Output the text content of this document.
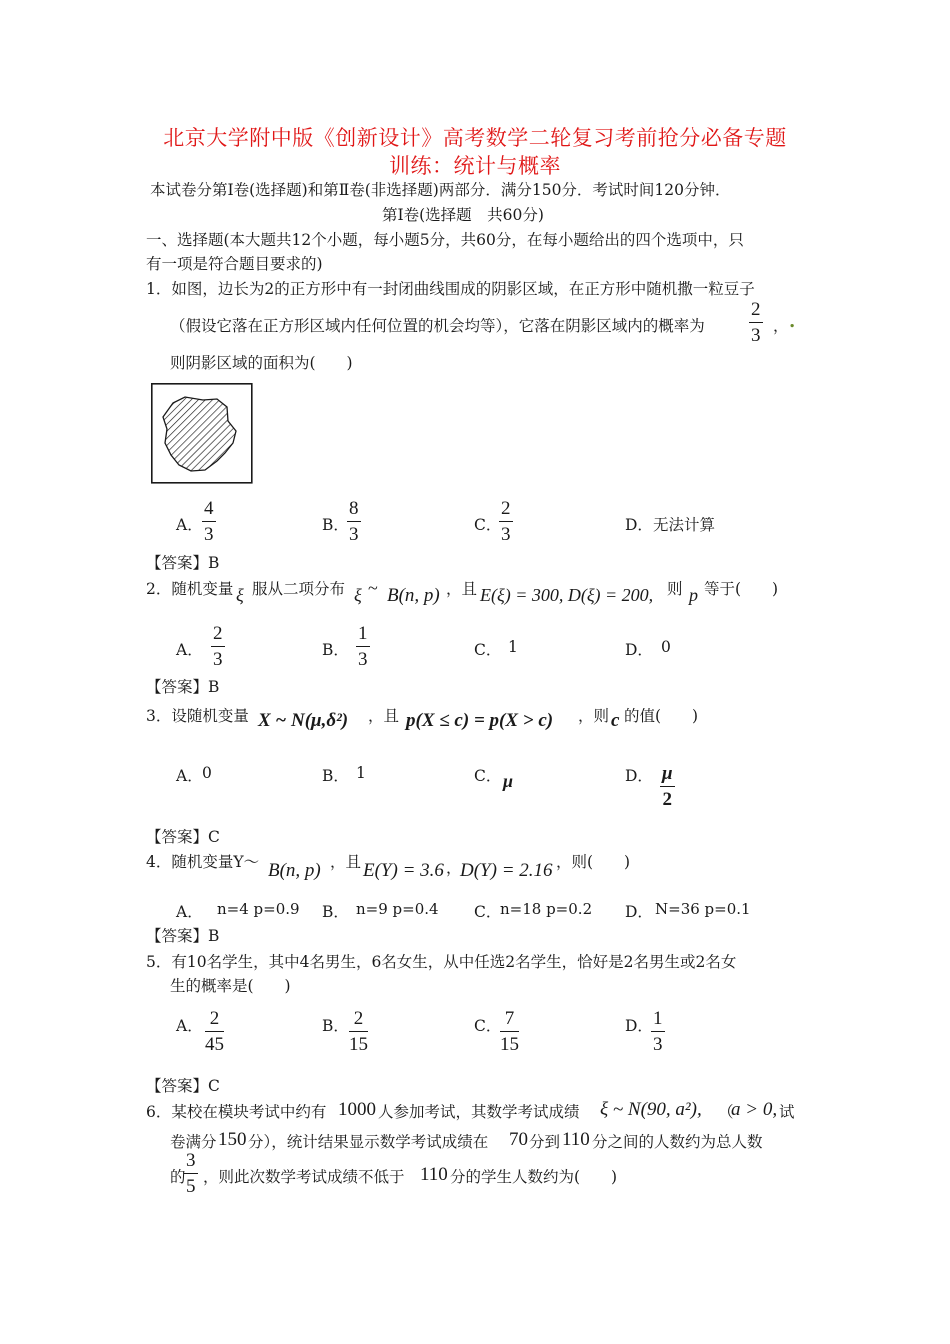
北京大学附中版《创新设计》高考数学二轮复习考前抢分必备专题
训练：统计与概率
本试卷分第Ⅰ卷(选择题)和第Ⅱ卷(非选择题)两部分．满分150分．考试时间120分钟．
第Ⅰ卷(选择题　共60分)
一、选择题(本大题共12个小题，每小题5分，共60分，在每小题给出的四个选项中，只
有一项是符合题目要求的)
1．如图，边长为2的正方形中有一封闭曲线围成的阴影区域，在正方形中随机撒一粒豆子
（假设它落在正方形区域内任何位置的机会均等），它落在阴影区域内的概率为 $\frac{2}{3}$ ， .
则阴影区域的面积为(　　)
A． $\frac{4}{3}$	B．
$\frac{8}{3}$	C．
$\frac{2}{3}$	D． 无法计算
【答案】B
2．随机变量 ξ 服从二项分布 ξ ~ B(n, p) ，且 E(ξ) = 300, D(ξ) = 200, 则 p 等于(　　)
A． $\frac{2}{3}$	B． $\frac{1}{3}$	C． 1	D． 0
【答案】B
3．设随机变量 X ~ N(μ,δ²) ，且 p(X ≤ c) = p(X > c) ，则 c 的值(　　)
A． 0	B． 1	C． μ	D． $\frac{\mu}{2}$
【答案】C
4．随机变量Y～ B(n, p) ，且 E(Y) = 3.6 ，
D(Y) = 2.16 ，则(　　)
A． n=4 p=0.9 B． n=9 p=0.4 C．
n=18 p=0.2 D． N=36 p=0.1
【答案】B
5．有10名学生，其中4名男生，6名女生，从中任选2名学生，恰好是2名男生或2名女
生的概率是(　　)
A． $\frac{2}{45}$	B． $\frac{2}{15}$	C．
$\frac{7}{15}$	D．
$\frac{1}{3}$
【答案】C
6．某校在模块考试中约有 1000 人参加考试，其数学考试成绩 ξ ~ N(90, a²), （
a > 0, 试
卷满分 150 分），统计结果显示数学考试成绩在 70 分到 110 分之间的人数约为总人数
的
$\frac{3}{5}$ ，则此次数学考试成绩不低于 110 分的学生人数约为(　　)
